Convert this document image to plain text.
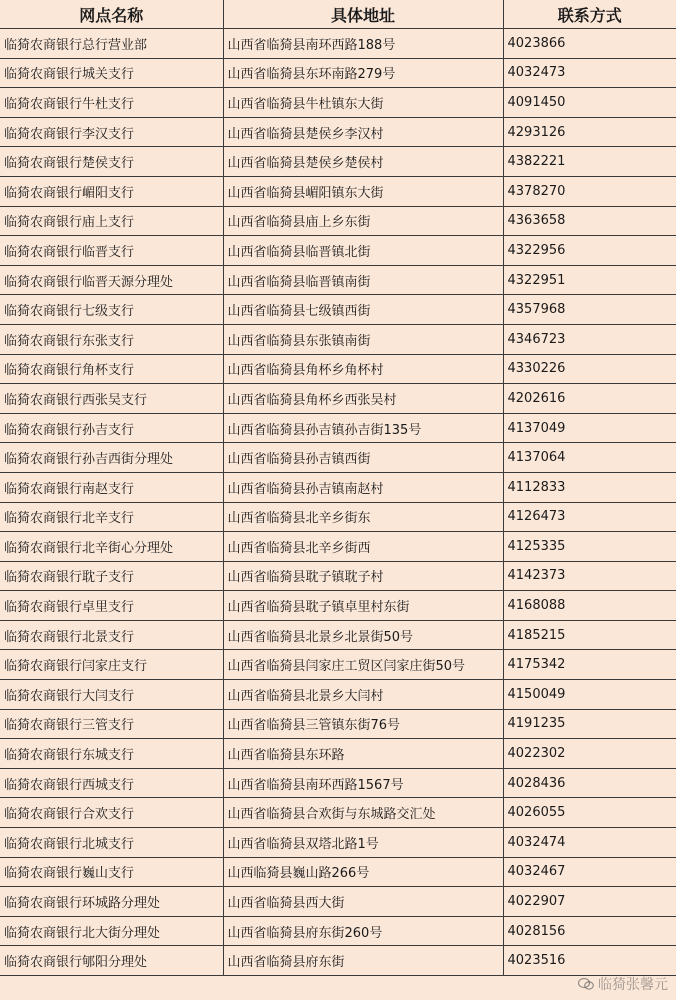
网点名称	具体地址	联系方式
临猗农商银行总行营业部	山西省临猗县南环西路188号	4023866
临猗农商银行城关支行	山西省临猗县东环南路279号	4032473
临猗农商银行牛杜支行	山西省临猗县牛杜镇东大街	4091450
临猗农商银行李汉支行	山西省临猗县楚侯乡李汉村	4293126
临猗农商银行楚侯支行	山西省临猗县楚侯乡楚侯村	4382221
临猗农商银行嵋阳支行	山西省临猗县嵋阳镇东大街	4378270
临猗农商银行庙上支行	山西省临猗县庙上乡东街	4363658
临猗农商银行临晋支行	山西省临猗县临晋镇北街	4322956
临猗农商银行临晋天源分理处	山西省临猗县临晋镇南街	4322951
临猗农商银行七级支行	山西省临猗县七级镇西街	4357968
临猗农商银行东张支行	山西省临猗县东张镇南街	4346723
临猗农商银行角杯支行	山西省临猗县角杯乡角杯村	4330226
临猗农商银行西张吴支行	山西省临猗县角杯乡西张吴村	4202616
临猗农商银行孙吉支行	山西省临猗县孙吉镇孙吉街135号	4137049
临猗农商银行孙吉西街分理处	山西省临猗县孙吉镇西街	4137064
临猗农商银行南赵支行	山西省临猗县孙吉镇南赵村	4112833
临猗农商银行北辛支行	山西省临猗县北辛乡街东	4126473
临猗农商银行北辛街心分理处	山西省临猗县北辛乡街西	4125335
临猗农商银行耽子支行	山西省临猗县耽子镇耽子村	4142373
临猗农商银行卓里支行	山西省临猗县耽子镇卓里村东街	4168088
临猗农商银行北景支行	山西省临猗县北景乡北景街50号	4185215
临猗农商银行闫家庄支行	山西省临猗县闫家庄工贸区闫家庄街50号	4175342
临猗农商银行大闫支行	山西省临猗县北景乡大闫村	4150049
临猗农商银行三管支行	山西省临猗县三管镇东街76号	4191235
临猗农商银行东城支行	山西省临猗县东环路	4022302
临猗农商银行西城支行	山西省临猗县南环西路1567号	4028436
临猗农商银行合欢支行	山西省临猗县合欢街与东城路交汇处	4026055
临猗农商银行北城支行	山西省临猗县双塔北路1号	4032474
临猗农商银行巍山支行	山西临猗县巍山路266号	4032467
临猗农商银行环城路分理处	山西省临猗县西大街	4022907
临猗农商银行北大街分理处	山西省临猗县府东街260号	4028156
临猗农商银行郇阳分理处	山西省临猗县府东街	4023516
临猗张馨元
